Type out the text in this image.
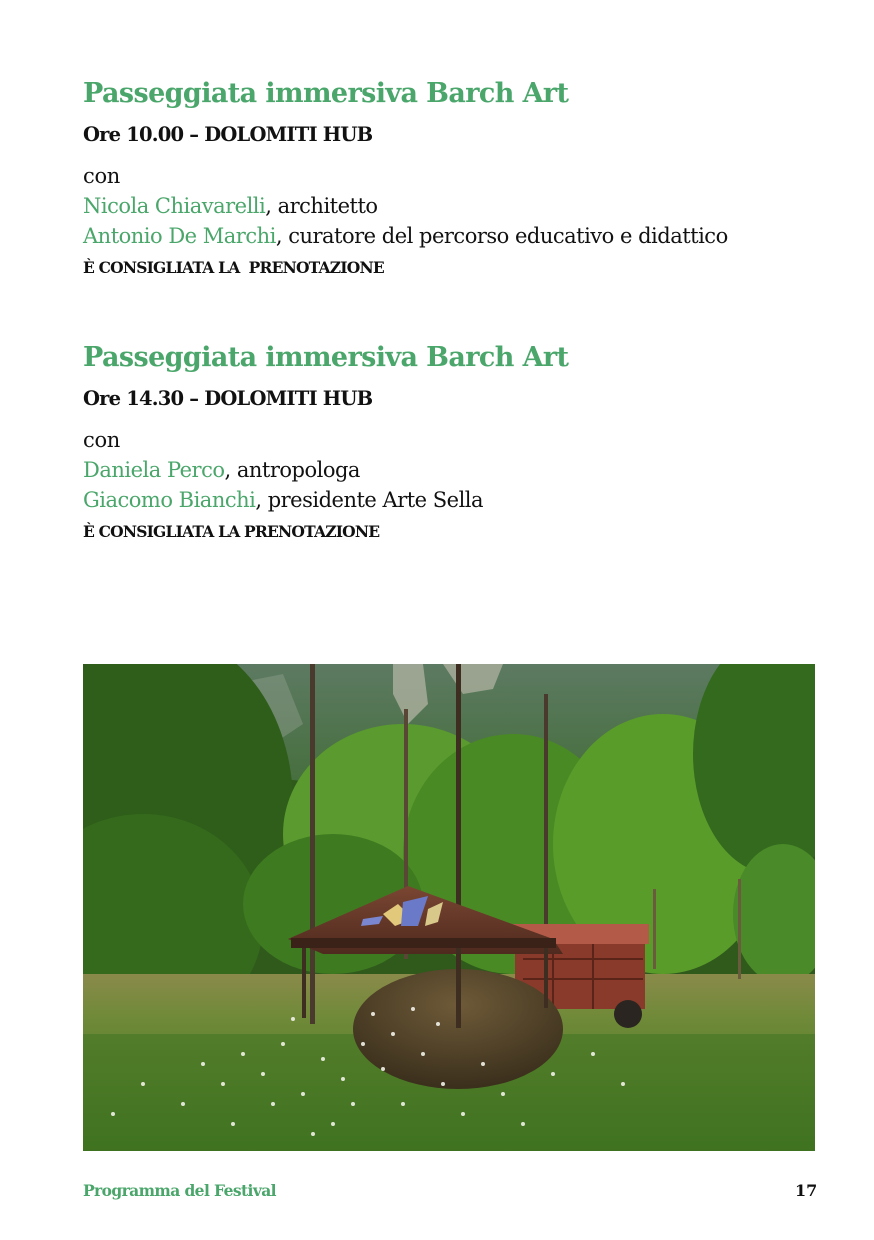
Passeggiata immersiva Barch Art
Ore 10.00 – DOLOMITI HUB
con
Nicola Chiavarelli, architetto
Antonio De Marchi, curatore del percorso educativo e didattico
È CONSIGLIATA LA  PRENOTAZIONE
Passeggiata immersiva Barch Art
Ore 14.30 – DOLOMITI HUB
con
Daniela Perco, antropologa
Giacomo Bianchi, presidente Arte Sella
È CONSIGLIATA LA PRENOTAZIONE
Programma del Festival	17
